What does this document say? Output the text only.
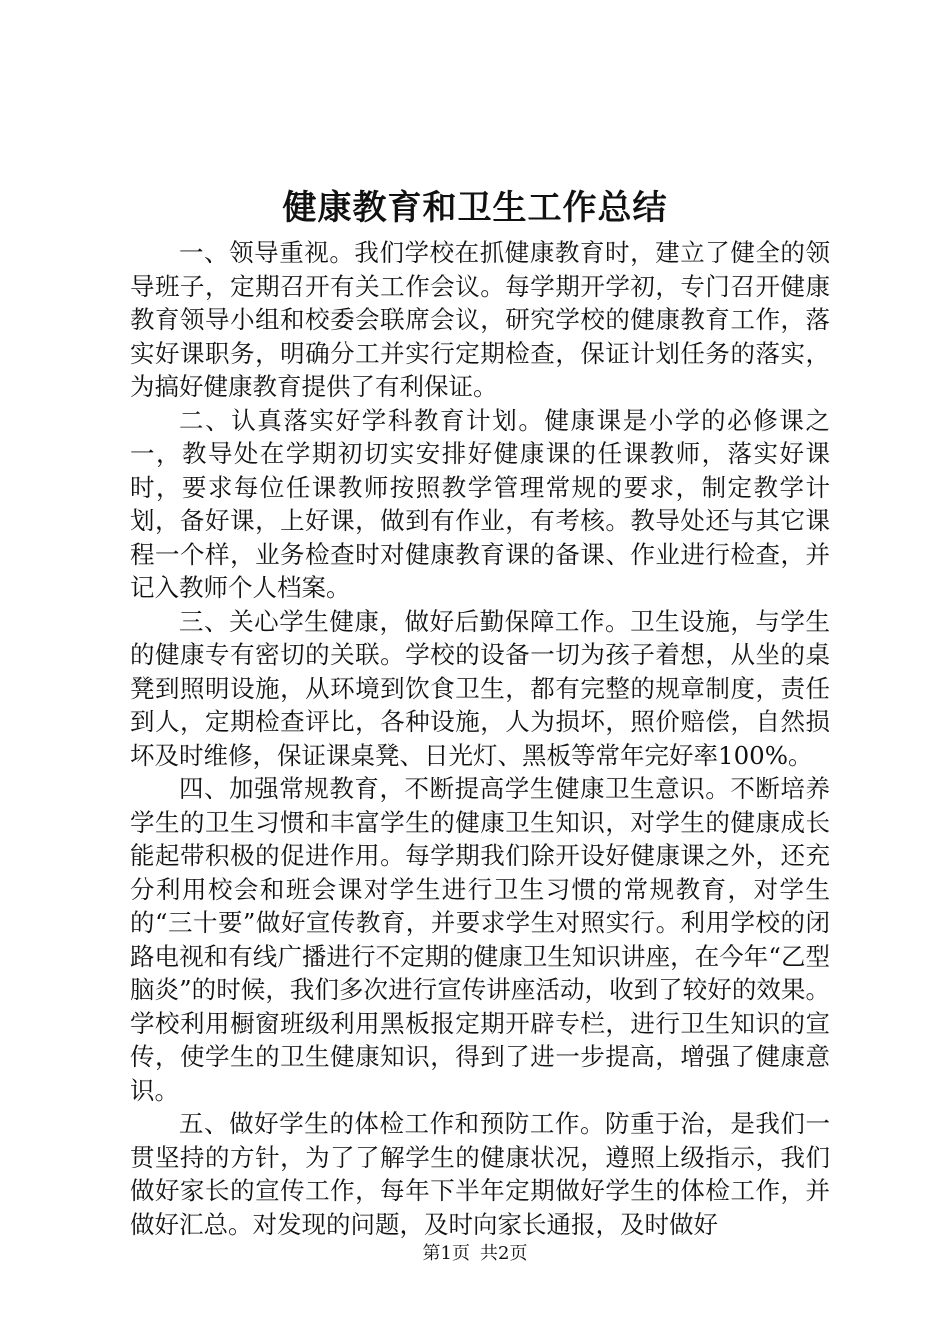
健康教育和卫生工作总结

一、领导重视。我们学校在抓健康教育时，建立了健全的领导班子，定期召开有关工作会议。每学期开学初，专门召开健康教育领导小组和校委会联席会议，研究学校的健康教育工作，落实好课职务，明确分工并实行定期检查，保证计划任务的落实，为搞好健康教育提供了有利保证。

二、认真落实好学科教育计划。健康课是小学的必修课之一，教导处在学期初切实安排好健康课的任课教师，落实好课时，要求每位任课教师按照教学管理常规的要求，制定教学计划，备好课，上好课，做到有作业，有考核。教导处还与其它课程一个样，业务检查时对健康教育课的备课、作业进行检查，并记入教师个人档案。

三、关心学生健康，做好后勤保障工作。卫生设施，与学生的健康专有密切的关联。学校的设备一切为孩子着想，从坐的桌凳到照明设施，从环境到饮食卫生，都有完整的规章制度，责任到人，定期检查评比，各种设施，人为损坏，照价赔偿，自然损坏及时维修，保证课桌凳、日光灯、黑板等常年完好率100%。

四、加强常规教育，不断提高学生健康卫生意识。不断培养学生的卫生习惯和丰富学生的健康卫生知识，对学生的健康成长能起带积极的促进作用。每学期我们除开设好健康课之外，还充分利用校会和班会课对学生进行卫生习惯的常规教育，对学生的“三十要”做好宣传教育，并要求学生对照实行。利用学校的闭路电视和有线广播进行不定期的健康卫生知识讲座，在今年“乙型脑炎”的时候，我们多次进行宣传讲座活动，收到了较好的效果。学校利用橱窗班级利用黑板报定期开辟专栏，进行卫生知识的宣传，使学生的卫生健康知识，得到了进一步提高，增强了健康意识。

五、做好学生的体检工作和预防工作。防重于治，是我们一贯坚持的方针，为了了解学生的健康状况，遵照上级指示，我们做好家长的宣传工作，每年下半年定期做好学生的体检工作，并做好汇总。对发现的问题，及时向家长通报，及时做好

第1页 共2页
